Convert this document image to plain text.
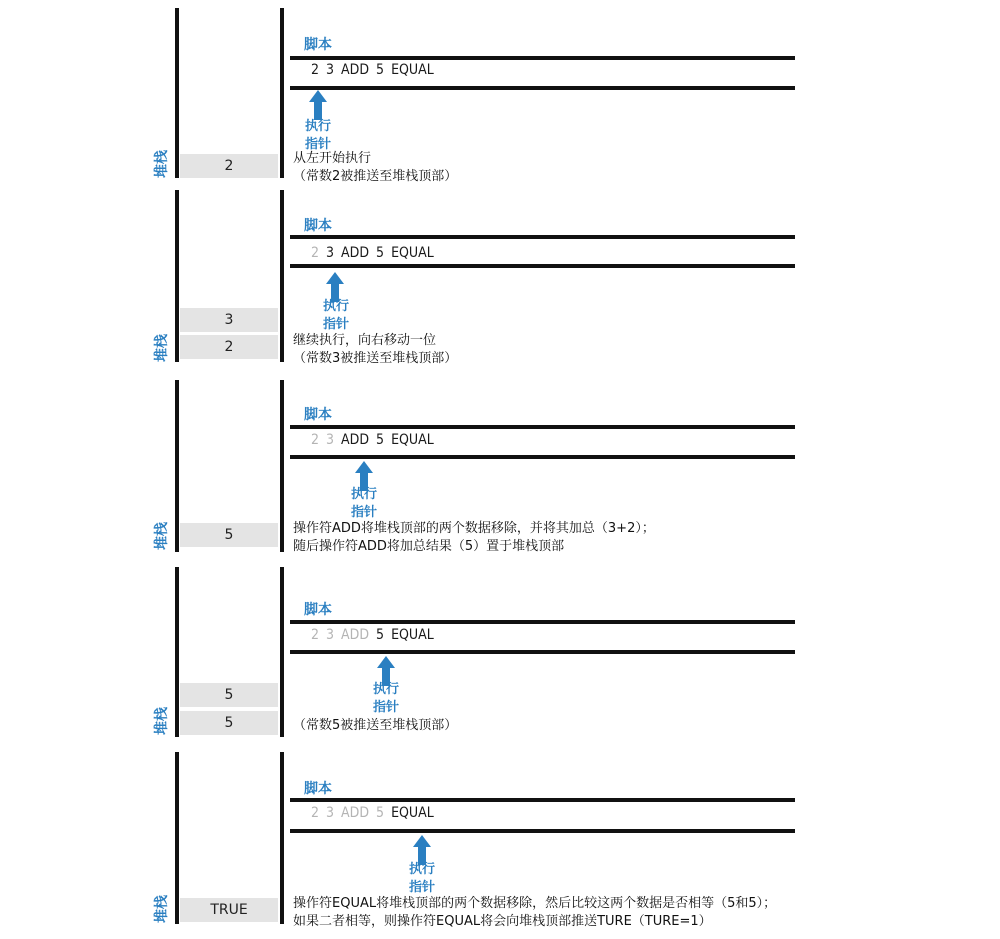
堆栈	2
脚本
2 3 ADD 5 EQUAL
执行
指针
从左开始执行
（常数2被推送至堆栈顶部）
堆栈
3
2
脚本
2 3 ADD 5 EQUAL
执行
指针
继续执行，向右移动一位
（常数3被推送至堆栈顶部）
堆栈	5
脚本
2 3 ADD 5 EQUAL
执行
指针
操作符ADD将堆栈顶部的两个数据移除，并将其加总（3+2）；
随后操作符ADD将加总结果（5）置于堆栈顶部
堆栈
5
5
脚本
2 3 ADD 5 EQUAL
执行
指针
（常数5被推送至堆栈顶部）
堆栈	TRUE
脚本
2 3 ADD 5 EQUAL
执行
指针
操作符EQUAL将堆栈顶部的两个数据移除，然后比较这两个数据是否相等（5和5）；
如果二者相等，则操作符EQUAL将会向堆栈顶部推送TURE（TURE=1）
